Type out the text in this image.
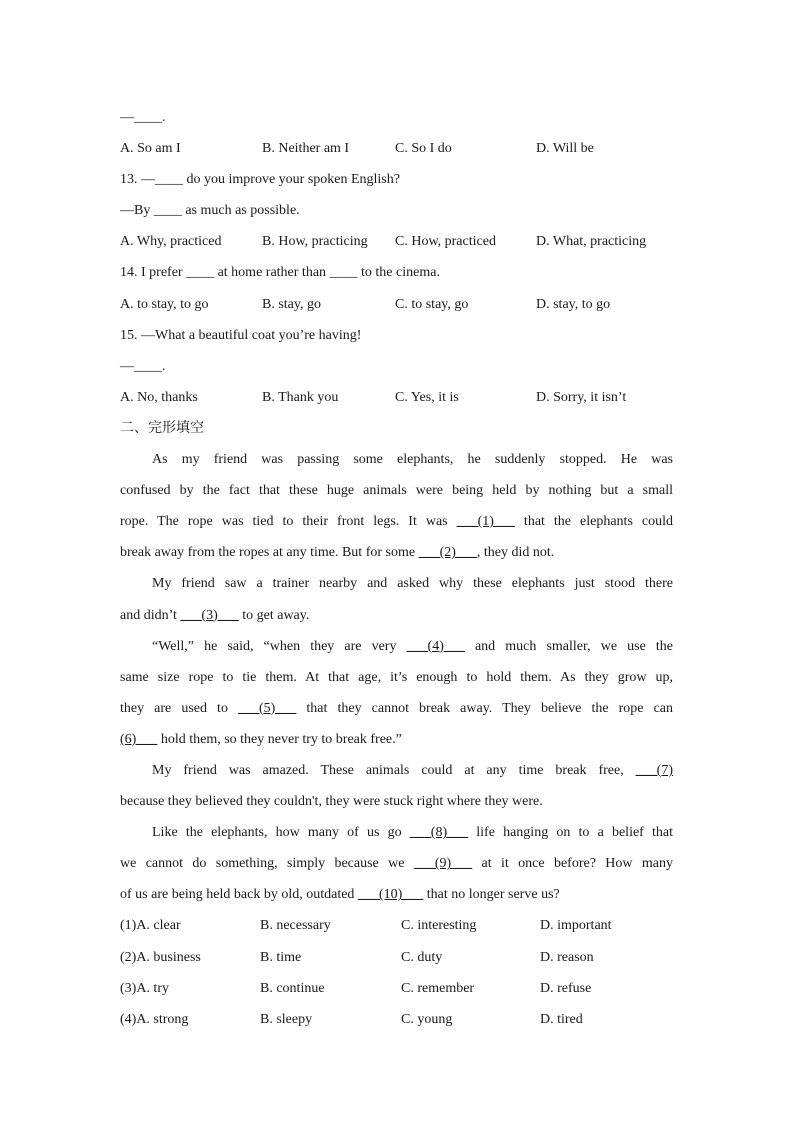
—____.
A. So am I	B. Neither am I	C. So I do	D. Will be
13. —____ do you improve your spoken English?
—By ____ as much as possible.
A. Why, practiced	B. How, practicing C. How, practiced	D. What, practicing
14. I prefer ____ at home rather than ____ to the cinema.
A. to stay, to go	B. stay, go	C. to stay, go	D. stay, to go
15. —What a beautiful coat you’re having!
—____.
A. No, thanks	B. Thank you	C. Yes, it is	D. Sorry, it isn’t
二、完形填空
As my friend was passing some elephants, he suddenly stopped. He was
confused by the fact that these huge animals were being held by nothing but a small
rope. The rope was tied to their front legs. It was ___(1)___ that the elephants could
break away from the ropes at any time. But for some ___(2)___, they did not.
My friend saw a trainer nearby and asked why these elephants just stood there
and didn’t ___(3)___ to get away.
“Well,” he said, “when they are very ___(4)___ and much smaller, we use the
same size rope to tie them. At that age, it’s enough to hold them. As they grow up,
they are used to ___(5)___ that they cannot break away. They believe the rope can
(6)___ hold them, so they never try to break free.”
My friend was amazed. These animals could at any time break free, ___(7)
because they believed they couldn't, they were stuck right where they were.
Like the elephants, how many of us go ___(8)___ life hanging on to a belief that
we cannot do something, simply because we ___(9)___ at it once before? How many
of us are being held back by old, outdated ___(10)___ that no longer serve us?
(1)A. clear	B. necessary	C. interesting	D. important
(2)A. business	B. time	C. duty	D. reason
(3)A. try	B. continue	C. remember	D. refuse
(4)A. strong	B. sleepy	C. young	D. tired
